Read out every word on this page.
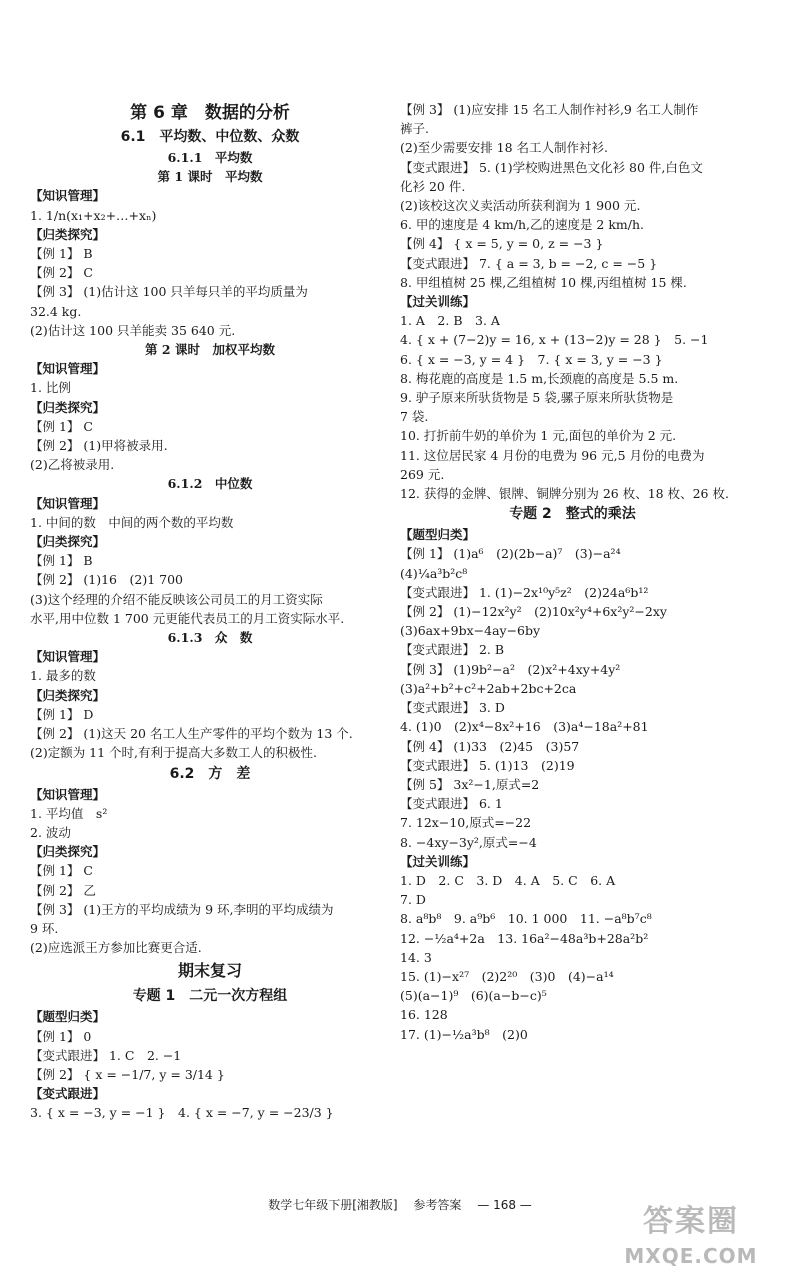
第 6 章　数据的分析
6.1　平均数、中位数、众数
6.1.1　平均数
第 1 课时　平均数
【知识管理】
1. 1/n(x₁+x₂+…+xₙ)
【归类探究】
【例 1】 B
【例 2】 C
【例 3】 (1)估计这 100 只羊每只羊的平均质量为
32.4 kg.
(2)估计这 100 只羊能卖 35 640 元.
第 2 课时　加权平均数
【知识管理】
1. 比例
【归类探究】
【例 1】 C
【例 2】 (1)甲将被录用.
(2)乙将被录用.
6.1.2　中位数
【知识管理】
1. 中间的数　中间的两个数的平均数
【归类探究】
【例 1】 B
【例 2】 (1)16　(2)1 700
(3)这个经理的介绍不能反映该公司员工的月工资实际
水平,用中位数 1 700 元更能代表员工的月工资实际水平.
6.1.3　众　数
【知识管理】
1. 最多的数
【归类探究】
【例 1】 D
【例 2】 (1)这天 20 名工人生产零件的平均个数为 13 个.
(2)定额为 11 个时,有利于提高大多数工人的积极性.
6.2　方　差
【知识管理】
1. 平均值　s²
2. 波动
【归类探究】
【例 1】 C
【例 2】 乙
【例 3】 (1)王方的平均成绩为 9 环,李明的平均成绩为
9 环.
(2)应选派王方参加比赛更合适.
期末复习
专题 1　二元一次方程组
【题型归类】
【例 1】 0
【变式跟进】 1. C　2. −1
【例 2】 { x = −1/7, y = 3/14 }
【变式跟进】
3. { x = −3, y = −1 }　4. { x = −7, y = −23/3 }
【例 3】 (1)应安排 15 名工人制作衬衫,9 名工人制作
裤子.
(2)至少需要安排 18 名工人制作衬衫.
【变式跟进】 5. (1)学校购进黑色文化衫 80 件,白色文
化衫 20 件.
(2)该校这次义卖活动所获利润为 1 900 元.
6. 甲的速度是 4 km/h,乙的速度是 2 km/h.
【例 4】 { x = 5, y = 0, z = −3 }
【变式跟进】 7. { a = 3, b = −2, c = −5 }
8. 甲组植树 25 棵,乙组植树 10 棵,丙组植树 15 棵.
【过关训练】
1. A　2. B　3. A
4. { x + (7−2)y = 16, x + (13−2)y = 28 }　5. −1
6. { x = −3, y = 4 }　7. { x = 3, y = −3 }
8. 梅花鹿的高度是 1.5 m,长颈鹿的高度是 5.5 m.
9. 驴子原来所驮货物是 5 袋,骡子原来所驮货物是
7 袋.
10. 打折前牛奶的单价为 1 元,面包的单价为 2 元.
11. 这位居民家 4 月份的电费为 96 元,5 月份的电费为
269 元.
12. 获得的金牌、银牌、铜牌分别为 26 枚、18 枚、26 枚.
专题 2　整式的乘法
【题型归类】
【例 1】 (1)a⁶　(2)(2b−a)⁷　(3)−a²⁴
(4)¼a³b²c⁸
【变式跟进】 1. (1)−2x¹⁰y⁵z²　(2)24a⁶b¹²
【例 2】 (1)−12x²y²　(2)10x²y⁴+6x²y²−2xy
(3)6ax+9bx−4ay−6by
【变式跟进】 2. B
【例 3】 (1)9b²−a²　(2)x²+4xy+4y²
(3)a²+b²+c²+2ab+2bc+2ca
【变式跟进】 3. D
4. (1)0　(2)x⁴−8x²+16　(3)a⁴−18a²+81
【例 4】 (1)33　(2)45　(3)57
【变式跟进】 5. (1)13　(2)19
【例 5】 3x²−1,原式=2
【变式跟进】 6. 1
7. 12x−10,原式=−22
8. −4xy−3y²,原式=−4
【过关训练】
1. D　2. C　3. D　4. A　5. C　6. A
7. D
8. a⁸b⁸　9. a⁹b⁶　10. 1 000　11. −a⁸b⁷c⁸
12. −½a⁴+2a　13. 16a²−48a³b+28a²b²
14. 3
15. (1)−x²⁷　(2)2²⁰　(3)0　(4)−a¹⁴
(5)(a−1)⁹　(6)(a−b−c)⁵
16. 128
17. (1)−½a³b⁸　(2)0
数学七年级下册[湘教版] 参考答案 — 168 —	答案圈
MXQE.COM
